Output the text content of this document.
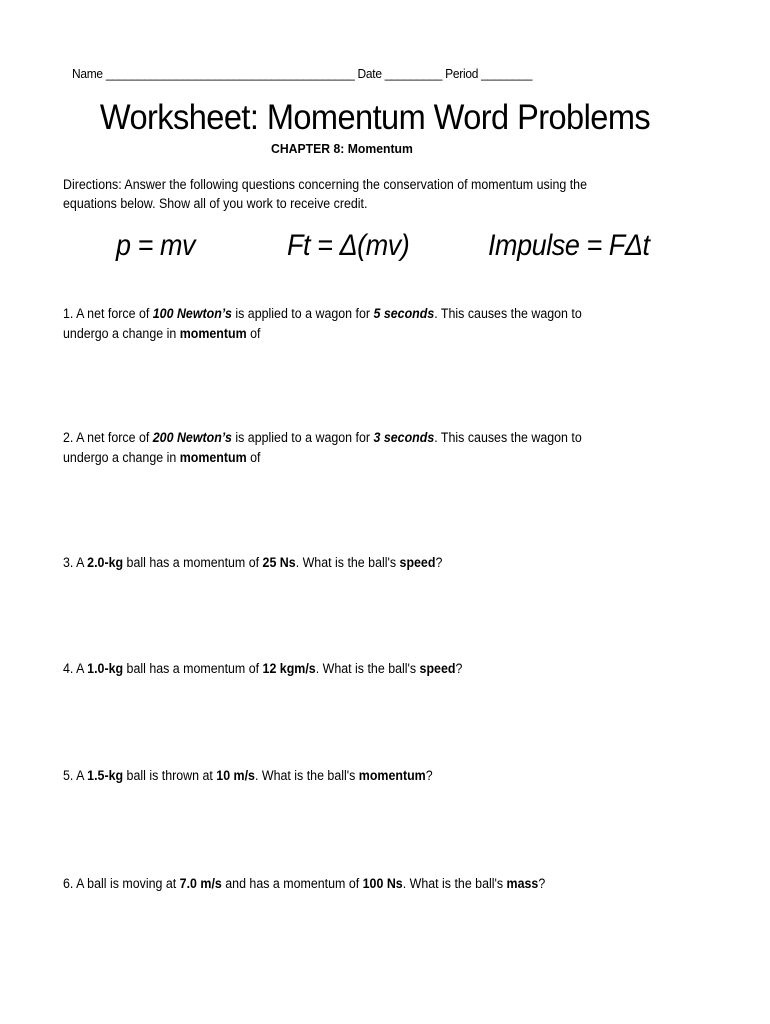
Name _______________________________________ Date _________ Period ________
Worksheet: Momentum Word Problems
CHAPTER 8: Momentum
Directions: Answer the following questions concerning the conservation of momentum using the
equations below. Show all of you work to receive credit.
p = mv	Ft = Δ(mv)	Impulse = FΔt
1. A net force of 100 Newton’s is applied to a wagon for 5 seconds. This causes the wagon to
undergo a change in momentum of
2. A net force of 200 Newton’s is applied to a wagon for 3 seconds. This causes the wagon to
undergo a change in momentum of
3. A 2.0-kg ball has a momentum of 25 Ns. What is the ball's speed?
4. A 1.0-kg ball has a momentum of 12 kgm/s. What is the ball's speed?
5. A 1.5-kg ball is thrown at 10 m/s. What is the ball's momentum?
6. A ball is moving at 7.0 m/s and has a momentum of 100 Ns. What is the ball's mass?
